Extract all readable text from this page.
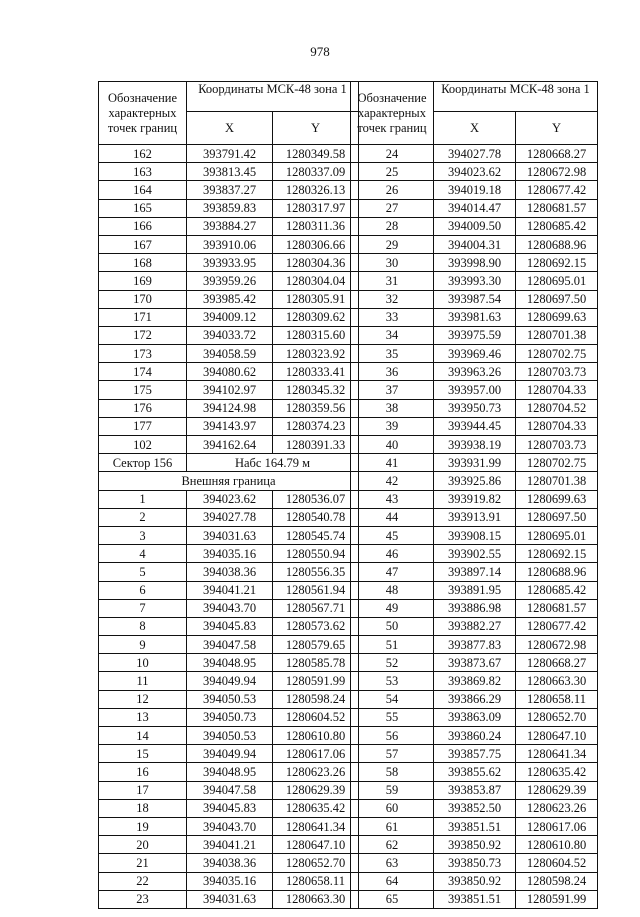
978
Обозначение характерных точек границ	Координаты МСК-48 зона 1	
	X	Y
162	393791.42	1280349.58
163	393813.45	1280337.09
164	393837.27	1280326.13
165	393859.83	1280317.97
166	393884.27	1280311.36
167	393910.06	1280306.66
168	393933.95	1280304.36
169	393959.26	1280304.04
170	393985.42	1280305.91
171	394009.12	1280309.62
172	394033.72	1280315.60
173	394058.59	1280323.92
174	394080.62	1280333.41
175	394102.97	1280345.32
176	394124.98	1280359.56
177	394143.97	1280374.23
102	394162.64	1280391.33
Сектор 156	Набс 164.79 м	
Внешняя граница		
1	394023.62	1280536.07
2	394027.78	1280540.78
3	394031.63	1280545.74
4	394035.16	1280550.94
5	394038.36	1280556.35
6	394041.21	1280561.94
7	394043.70	1280567.71
8	394045.83	1280573.62
9	394047.58	1280579.65
10	394048.95	1280585.78
11	394049.94	1280591.99
12	394050.53	1280598.24
13	394050.73	1280604.52
14	394050.53	1280610.80
15	394049.94	1280617.06
16	394048.95	1280623.26
17	394047.58	1280629.39
18	394045.83	1280635.42
19	394043.70	1280641.34
20	394041.21	1280647.10
21	394038.36	1280652.70
22	394035.16	1280658.11
23	394031.63	1280663.30
Обозначение характерных точек границ	Координаты МСК-48 зона 1	
	X	Y
24	394027.78	1280668.27
25	394023.62	1280672.98
26	394019.18	1280677.42
27	394014.47	1280681.57
28	394009.50	1280685.42
29	394004.31	1280688.96
30	393998.90	1280692.15
31	393993.30	1280695.01
32	393987.54	1280697.50
33	393981.63	1280699.63
34	393975.59	1280701.38
35	393969.46	1280702.75
36	393963.26	1280703.73
37	393957.00	1280704.33
38	393950.73	1280704.52
39	393944.45	1280704.33
40	393938.19	1280703.73
41	393931.99	1280702.75
42	393925.86	1280701.38
43	393919.82	1280699.63
44	393913.91	1280697.50
45	393908.15	1280695.01
46	393902.55	1280692.15
47	393897.14	1280688.96
48	393891.95	1280685.42
49	393886.98	1280681.57
50	393882.27	1280677.42
51	393877.83	1280672.98
52	393873.67	1280668.27
53	393869.82	1280663.30
54	393866.29	1280658.11
55	393863.09	1280652.70
56	393860.24	1280647.10
57	393857.75	1280641.34
58	393855.62	1280635.42
59	393853.87	1280629.39
60	393852.50	1280623.26
61	393851.51	1280617.06
62	393850.92	1280610.80
63	393850.73	1280604.52
64	393850.92	1280598.24
65	393851.51	1280591.99
